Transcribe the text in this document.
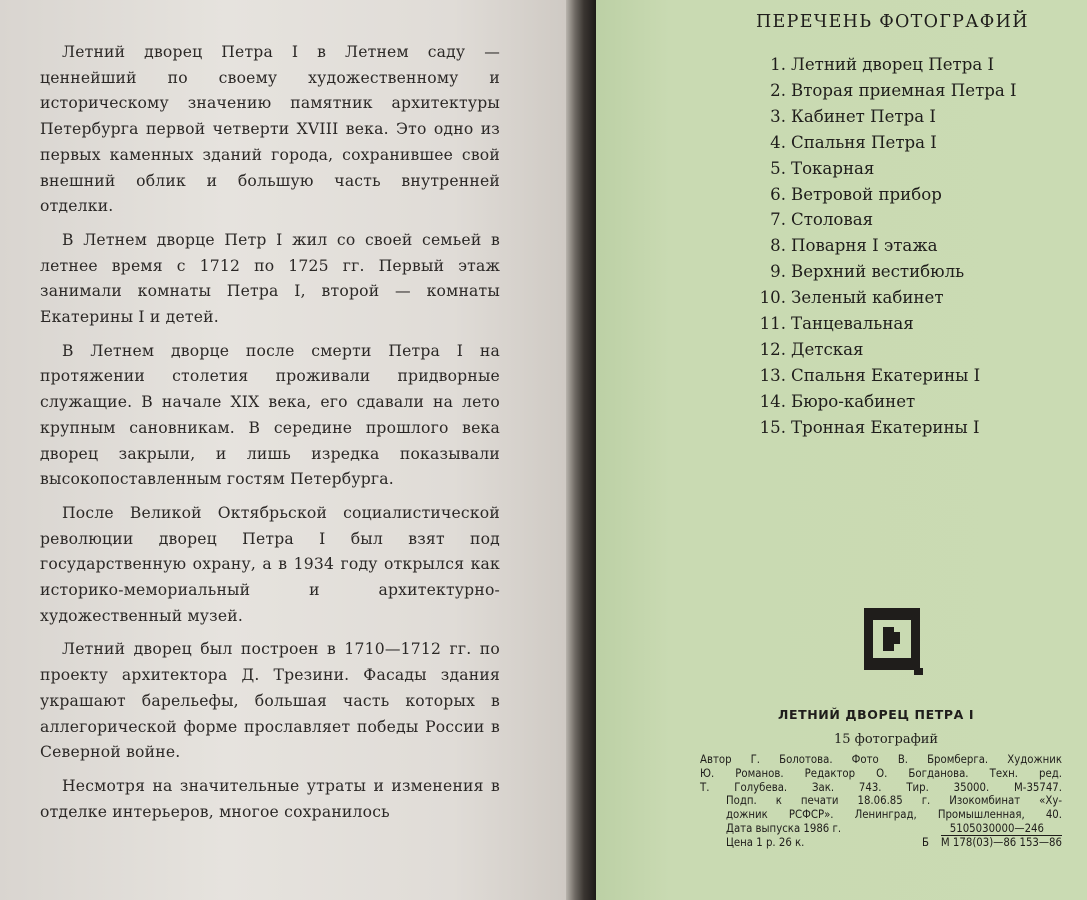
Летний дворец Петра I в Летнем саду — ценнейший по своему художественному и историческому значению памятник архитектуры Петербурга первой четверти XVIII века. Это одно из первых каменных зданий города, сохранившее свой внешний облик и большую часть внутренней отделки.

В Летнем дворце Петр I жил со своей семьей в летнее время с 1712 по 1725 гг. Первый этаж занимали комнаты Петра I, второй — комнаты Екатерины I и детей.

В Летнем дворце после смерти Петра I на протяжении столетия проживали придворные служащие. В начале XIX века, его сдавали на лето крупным сановникам. В середине прошлого века дворец закрыли, и лишь изредка показывали высокопоставленным гостям Петербурга.

После Великой Октябрьской социалистической революции дворец Петра I был взят под государственную охрану, а в 1934 году открылся как историко-мемориальный и архитектурно-художественный музей.

Летний дворец был построен в 1710—1712 гг. по проекту архитектора Д. Трезини. Фасады здания украшают барельефы, большая часть которых в аллегорической форме прославляет победы России в Северной войне.

Несмотря на значительные утраты и изменения в отделке интерьеров, многое сохранилось

ПЕРЕЧЕНЬ ФОТОГРАФИЙ
1. Летний дворец Петра I
2. Вторая приемная Петра I
3. Кабинет Петра I
4. Спальня Петра I
5. Токарная
6. Ветровой прибор
7. Столовая
8. Поварня I этажа
9. Верхний вестибюль
10. Зеленый кабинет
11. Танцевальная
12. Детская
13. Спальня Екатерины I
14. Бюро-кабинет
15. Тронная Екатерины I
ЛЕТНИЙ ДВОРЕЦ ПЕТРА I
15 фотографий
Автор Г. Болотова. Фото В. Бромберга. Художник
Ю. Романов. Редактор О. Богданова. Техн. ред.
Т. Голубева. Зак. 743. Тир. 35000. М-35747.
Подп. к печати 18.06.85 г. Изокомбинат «Ху-
дожник РСФСР». Ленинград, Промышленная, 40.
Дата выпуска 1986 г.	5105030000—246
Цена 1 р. 26 к.	Б М 178(03)—86 153—86
